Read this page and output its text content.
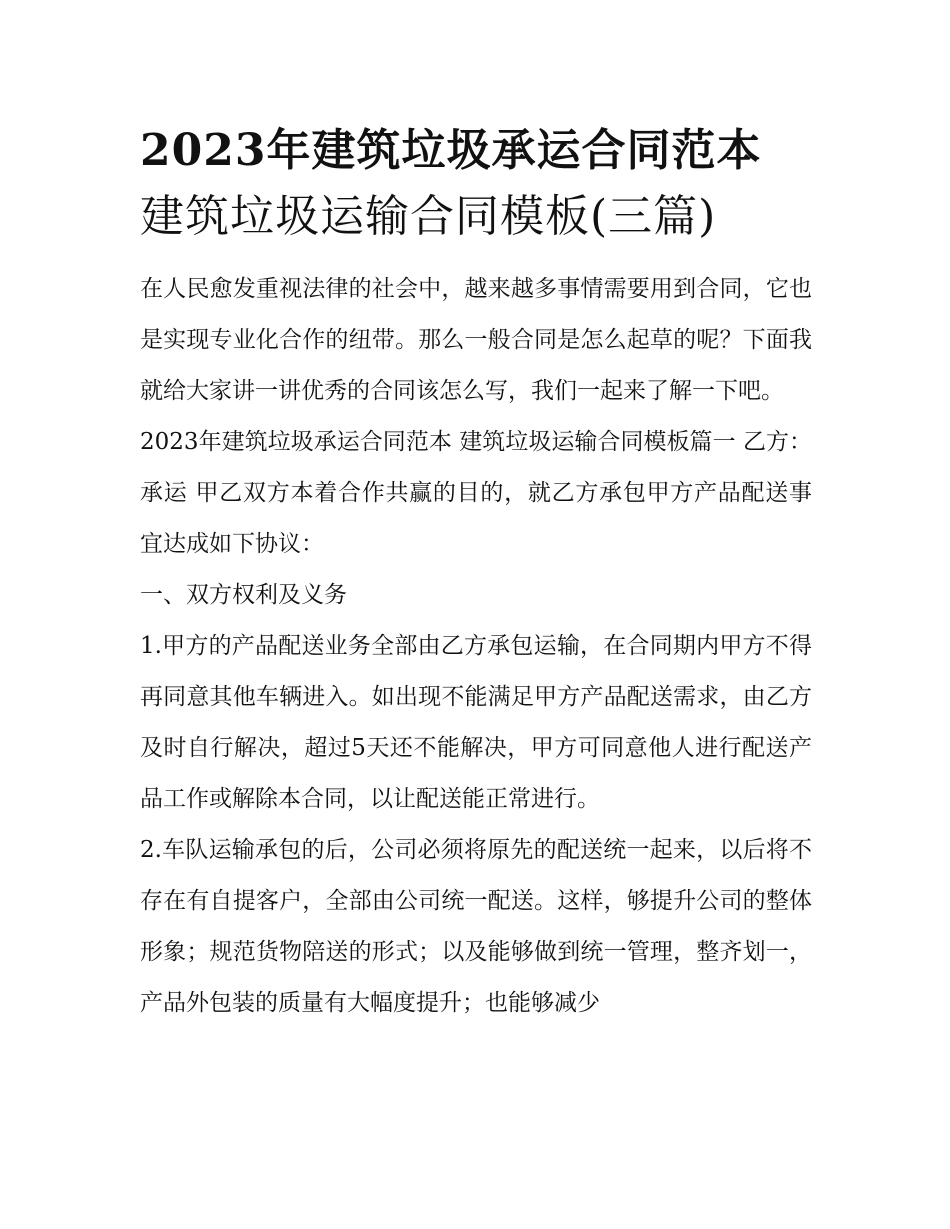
2023年建筑垃圾承运合同范本
建筑垃圾运输合同模板(三篇)

在人民愈发重视法律的社会中，越来越多事情需要用到合同，它也是实现专业化合作的纽带。那么一般合同是怎么起草的呢？下面我就给大家讲一讲优秀的合同该怎么写，我们一起来了解一下吧。

2023年建筑垃圾承运合同范本 建筑垃圾运输合同模板篇一 乙方：承运 甲乙双方本着合作共赢的目的，就乙方承包甲方产品配送事宜达成如下协议：

一、双方权利及义务

1.甲方的产品配送业务全部由乙方承包运输，在合同期内甲方不得再同意其他车辆进入。如出现不能满足甲方产品配送需求，由乙方及时自行解决，超过5天还不能解决，甲方可同意他人进行配送产品工作或解除本合同，以让配送能正常进行。

2.车队运输承包的后，公司必须将原先的配送统一起来，以后将不存在有自提客户，全部由公司统一配送。这样，够提升公司的整体形象；规范货物陪送的形式；以及能够做到统一管理，整齐划一，产品外包装的质量有大幅度提升；也能够减少
